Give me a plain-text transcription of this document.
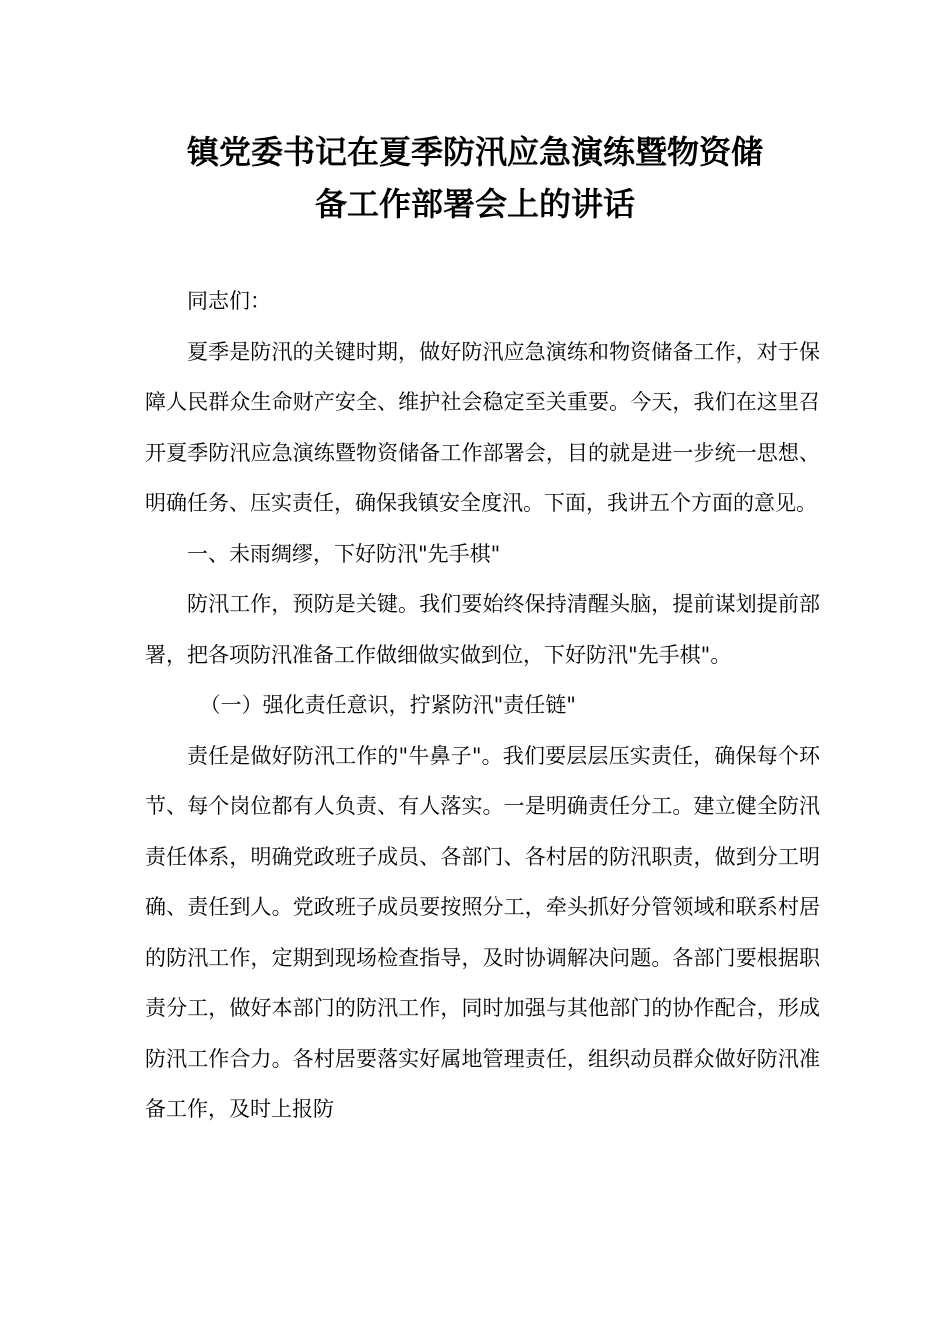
镇党委书记在夏季防汛应急演练暨物资储
备工作部署会上的讲话

同志们：

夏季是防汛的关键时期，做好防汛应急演练和物资储备工作，对于保障人民群众生命财产安全、维护社会稳定至关重要。今天，我们在这里召开夏季防汛应急演练暨物资储备工作部署会，目的就是进一步统一思想、明确任务、压实责任，确保我镇安全度汛。下面，我讲五个方面的意见。

一、未雨绸缪，下好防汛"先手棋"

防汛工作，预防是关键。我们要始终保持清醒头脑，提前谋划提前部署，把各项防汛准备工作做细做实做到位，下好防汛"先手棋"。

（一）强化责任意识，拧紧防汛"责任链"

责任是做好防汛工作的"牛鼻子"。我们要层层压实责任，确保每个环节、每个岗位都有人负责、有人落实。一是明确责任分工。建立健全防汛责任体系，明确党政班子成员、各部门、各村居的防汛职责，做到分工明确、责任到人。党政班子成员要按照分工，牵头抓好分管领域和联系村居的防汛工作，定期到现场检查指导，及时协调解决问题。各部门要根据职责分工，做好本部门的防汛工作，同时加强与其他部门的协作配合，形成防汛工作合力。各村居要落实好属地管理责任，组织动员群众做好防汛准备工作，及时上报防
